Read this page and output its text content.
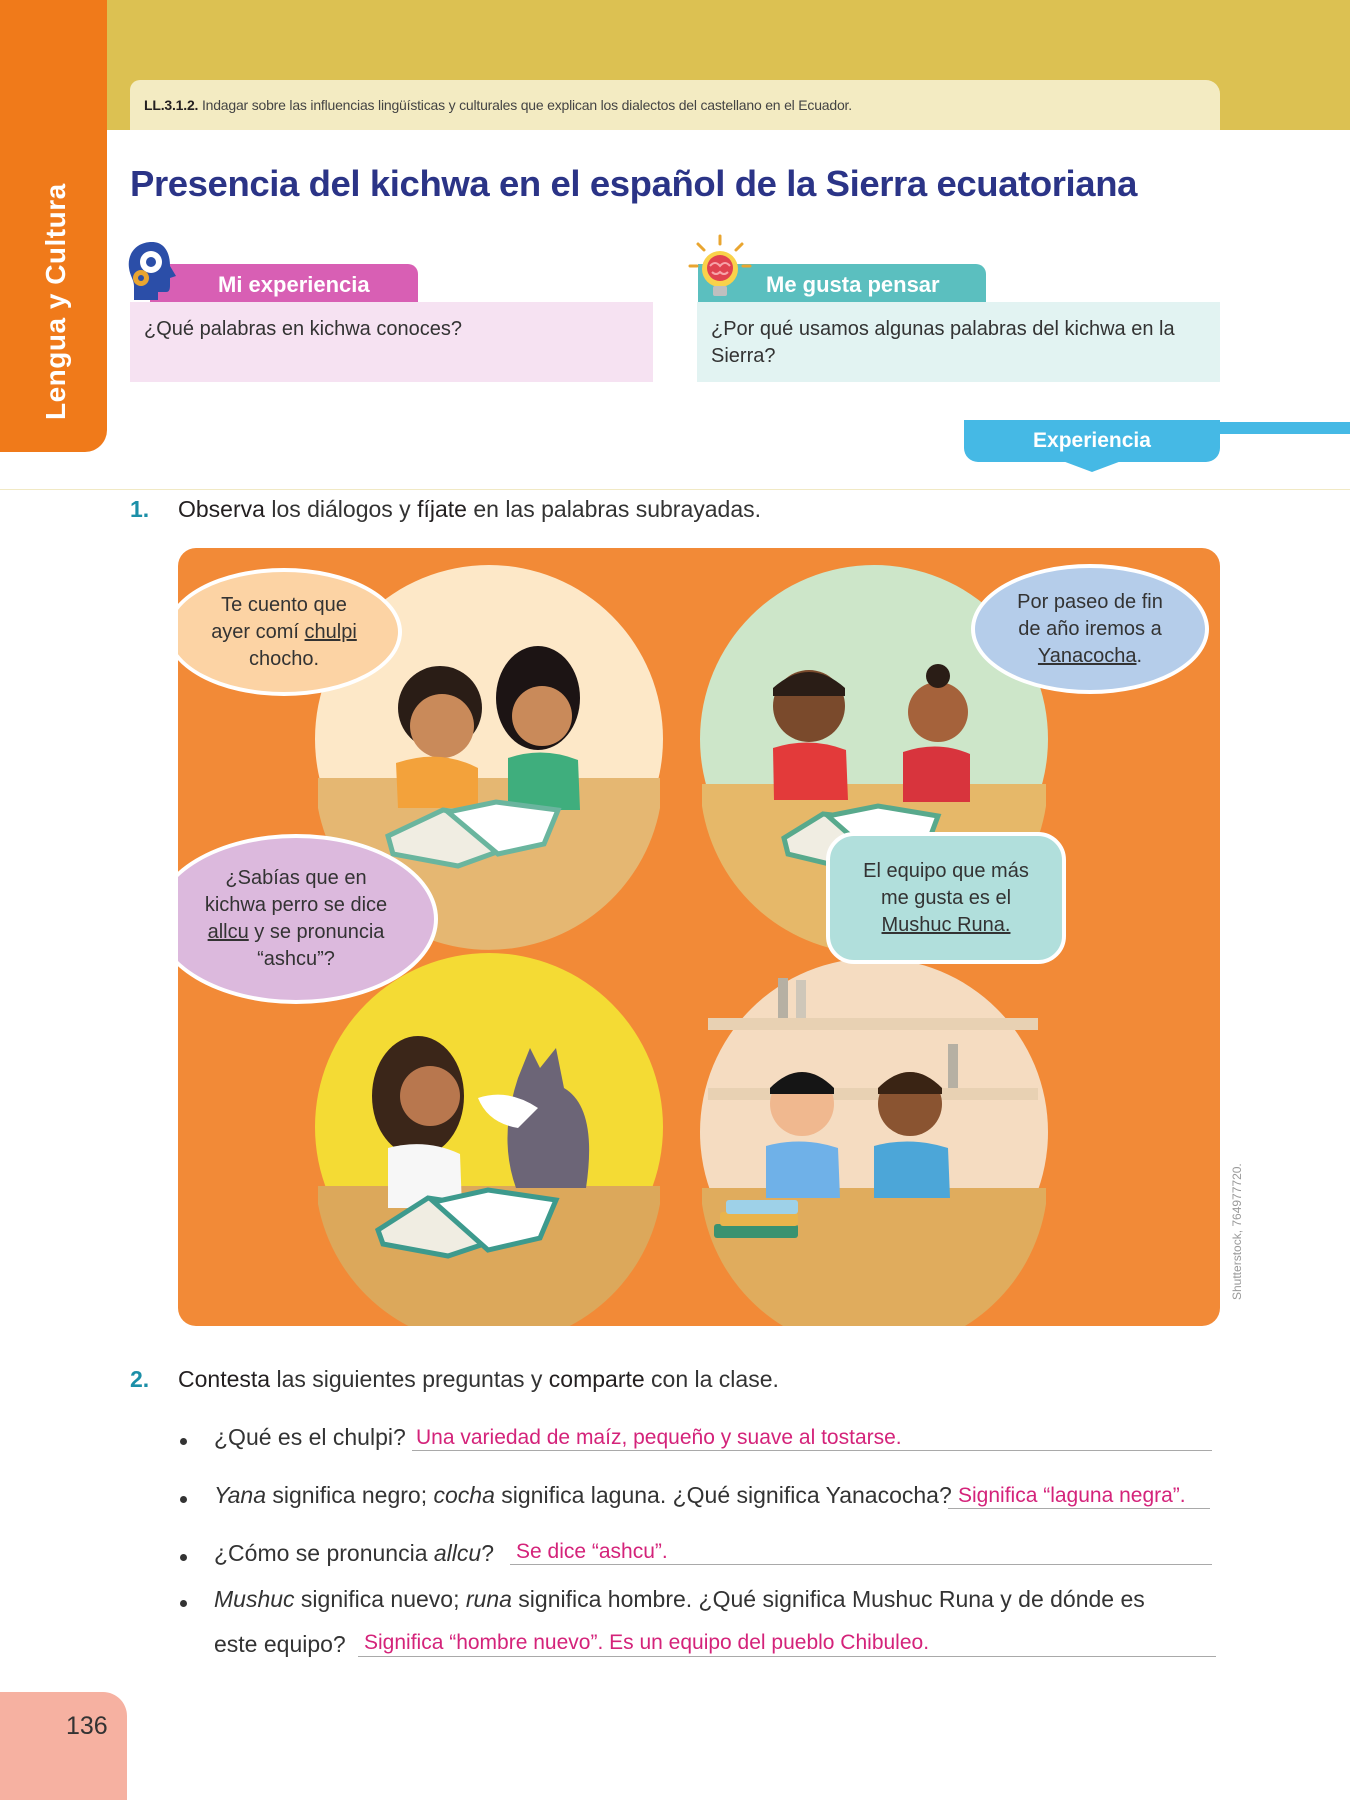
Lengua y Cultura
LL.3.1.2. Indagar sobre las influencias lingüísticas y culturales que explican los dialectos del castellano en el Ecuador.
Presencia del kichwa en el español de la Sierra ecuatoriana
Mi experiencia
¿Qué palabras en kichwa conoces?
Me gusta pensar
¿Por qué usamos algunas palabras del kichwa en la Sierra?
Experiencia
1. Observa los diálogos y fíjate en las palabras subrayadas.
Te cuento que ayer comí chulpi chocho.
Por paseo de fin de año iremos a Yanacocha.
¿Sabías que en kichwa perro se dice allcu y se pronuncia “ashcu”?
El equipo que más me gusta es el Mushuc Runa.
Shutterstock, 764977720.
2. Contesta las siguientes preguntas y comparte con la clase.
¿Qué es el chulpi? Una variedad de maíz, pequeño y suave al tostarse.
Yana significa negro; cocha significa laguna. ¿Qué significa Yanacocha? Significa “laguna negra”.
¿Cómo se pronuncia allcu? Se dice “ashcu”.
Mushuc significa nuevo; runa significa hombre. ¿Qué significa Mushuc Runa y de dónde es
este equipo? Significa “hombre nuevo”. Es un equipo del pueblo Chibuleo.
136
